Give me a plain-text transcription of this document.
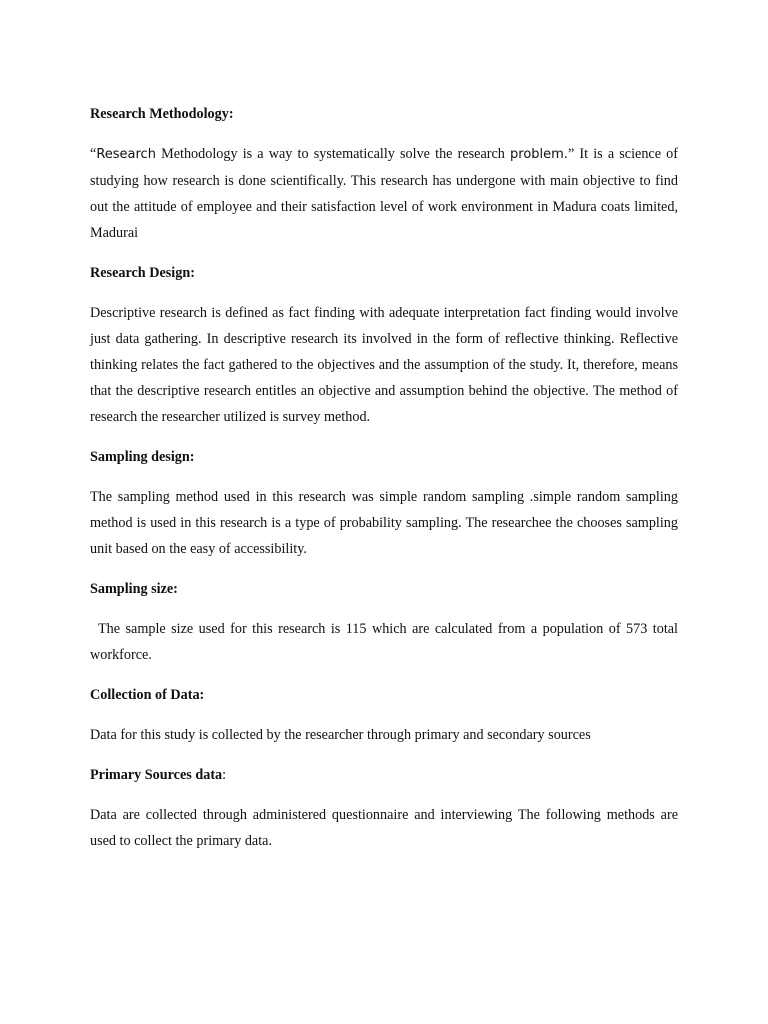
Research Methodology:

“Research Methodology is a way to systematically solve the research problem.” It is a science of studying how research is done scientifically. This research has undergone with main objective to find out the attitude of employee and their satisfaction level of work environment in Madura coats limited, Madurai

Research Design:

Descriptive research is defined as fact finding with adequate interpretation fact finding would involve just data gathering. In descriptive research its involved in the form of reflective thinking. Reflective thinking relates the fact gathered to the objectives and the assumption of the study. It, therefore, means that the descriptive research entitles an objective and assumption behind the objective. The method of research the researcher utilized is survey method.

Sampling design:

The sampling method used in this research was simple random sampling .simple random sampling method is used in this research is a type of probability sampling. The researchee the chooses sampling unit based on the easy of accessibility.

Sampling size:

The sample size used for this research is 115 which are calculated from a population of 573 total workforce.

Collection of Data:

Data for this study is collected by the researcher through primary and secondary sources

Primary Sources data:

Data are collected through administered questionnaire and interviewing The following methods are used to collect the primary data.
